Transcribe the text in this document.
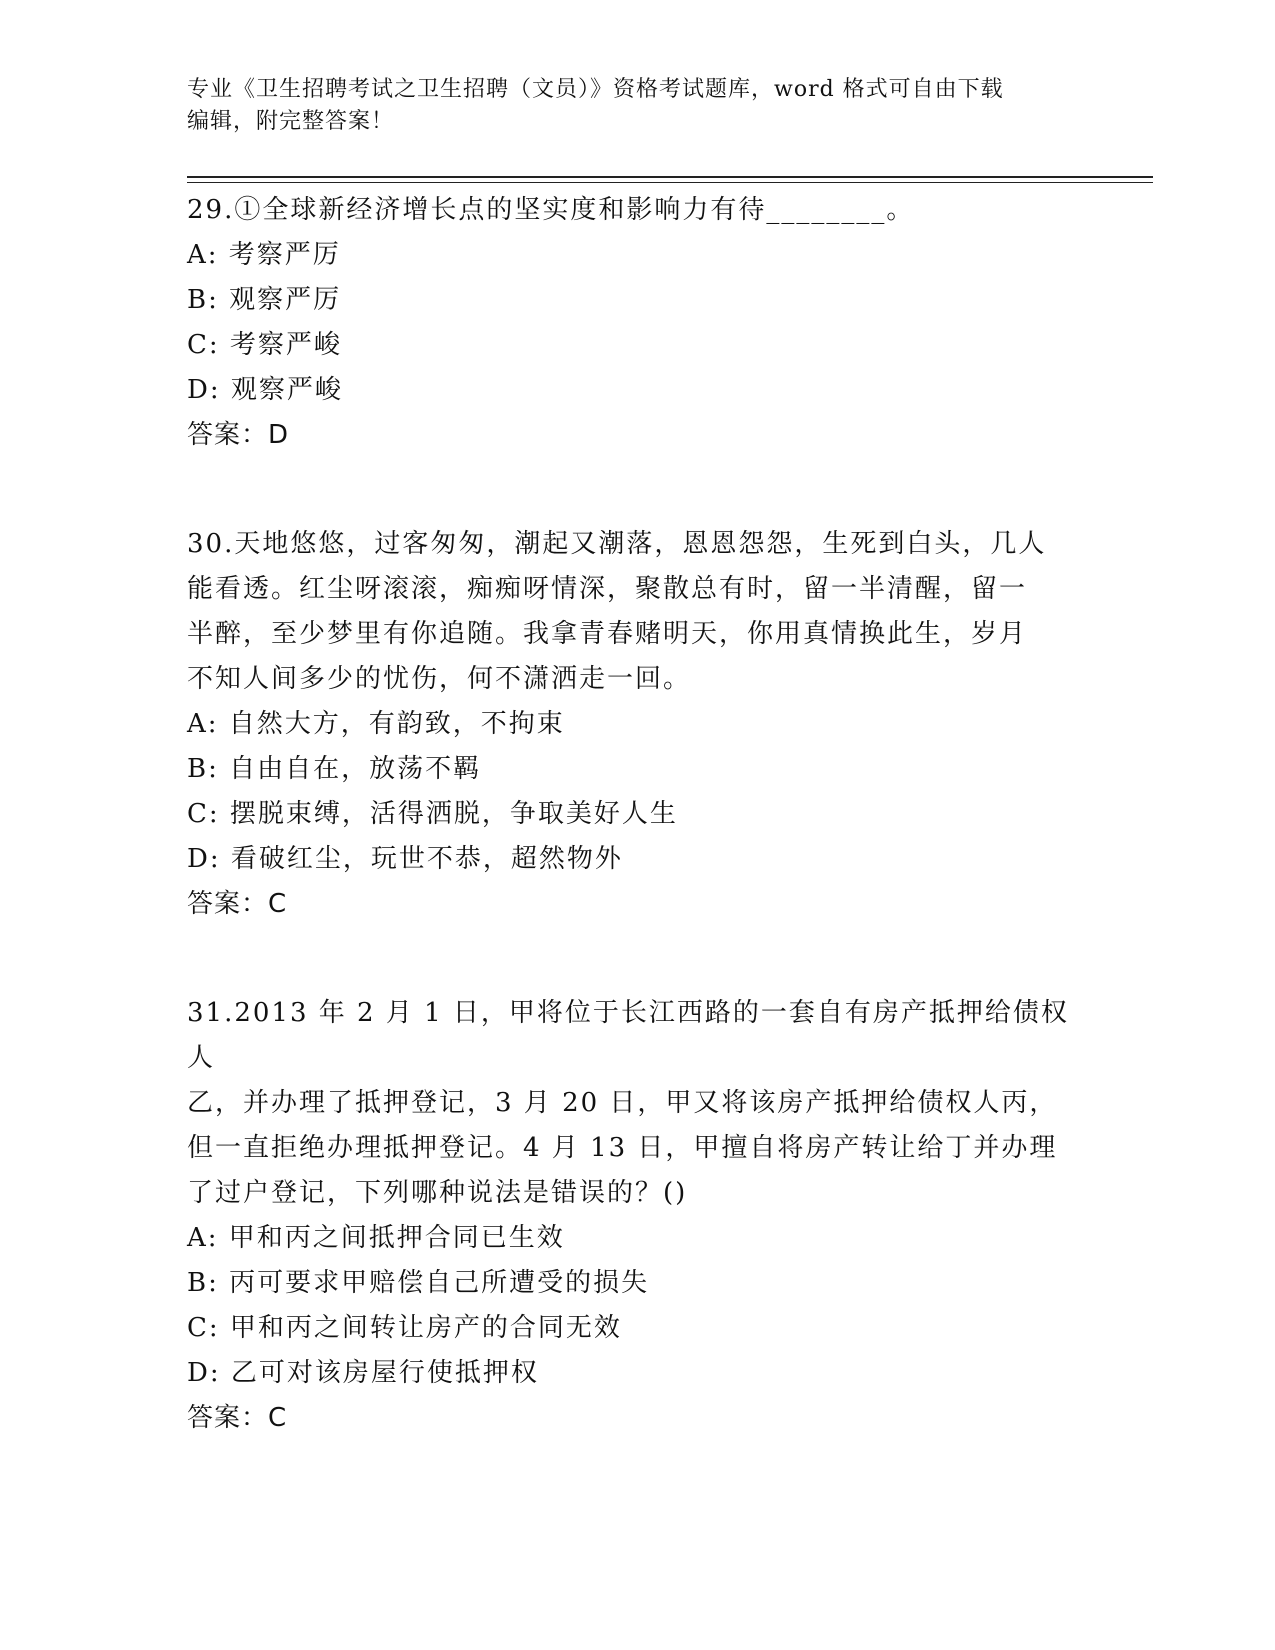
专业《卫生招聘考试之卫生招聘（文员）》资格考试题库，word 格式可自由下载
编辑，附完整答案！

29.①全球新经济增长点的坚实度和影响力有待________。

A: 考察严厉

B: 观察严厉

C: 考察严峻

D: 观察严峻

答案：D

30.天地悠悠，过客匆匆，潮起又潮落，恩恩怨怨，生死到白头，几人

能看透。红尘呀滚滚，痴痴呀情深，聚散总有时，留一半清醒，留一

半醉，至少梦里有你追随。我拿青春赌明天，你用真情换此生，岁月

不知人间多少的忧伤，何不潇洒走一回。

A: 自然大方，有韵致，不拘束

B: 自由自在，放荡不羁

C: 摆脱束缚，活得洒脱，争取美好人生

D: 看破红尘，玩世不恭，超然物外

答案：C

31.2013 年 2 月 1 日，甲将位于长江西路的一套自有房产抵押给债权人

乙，并办理了抵押登记，3 月 20 日，甲又将该房产抵押给债权人丙，

但一直拒绝办理抵押登记。4 月 13 日，甲擅自将房产转让给丁并办理

了过户登记，下列哪种说法是错误的？()

A: 甲和丙之间抵押合同已生效

B: 丙可要求甲赔偿自己所遭受的损失

C: 甲和丙之间转让房产的合同无效

D: 乙可对该房屋行使抵押权

答案：C
